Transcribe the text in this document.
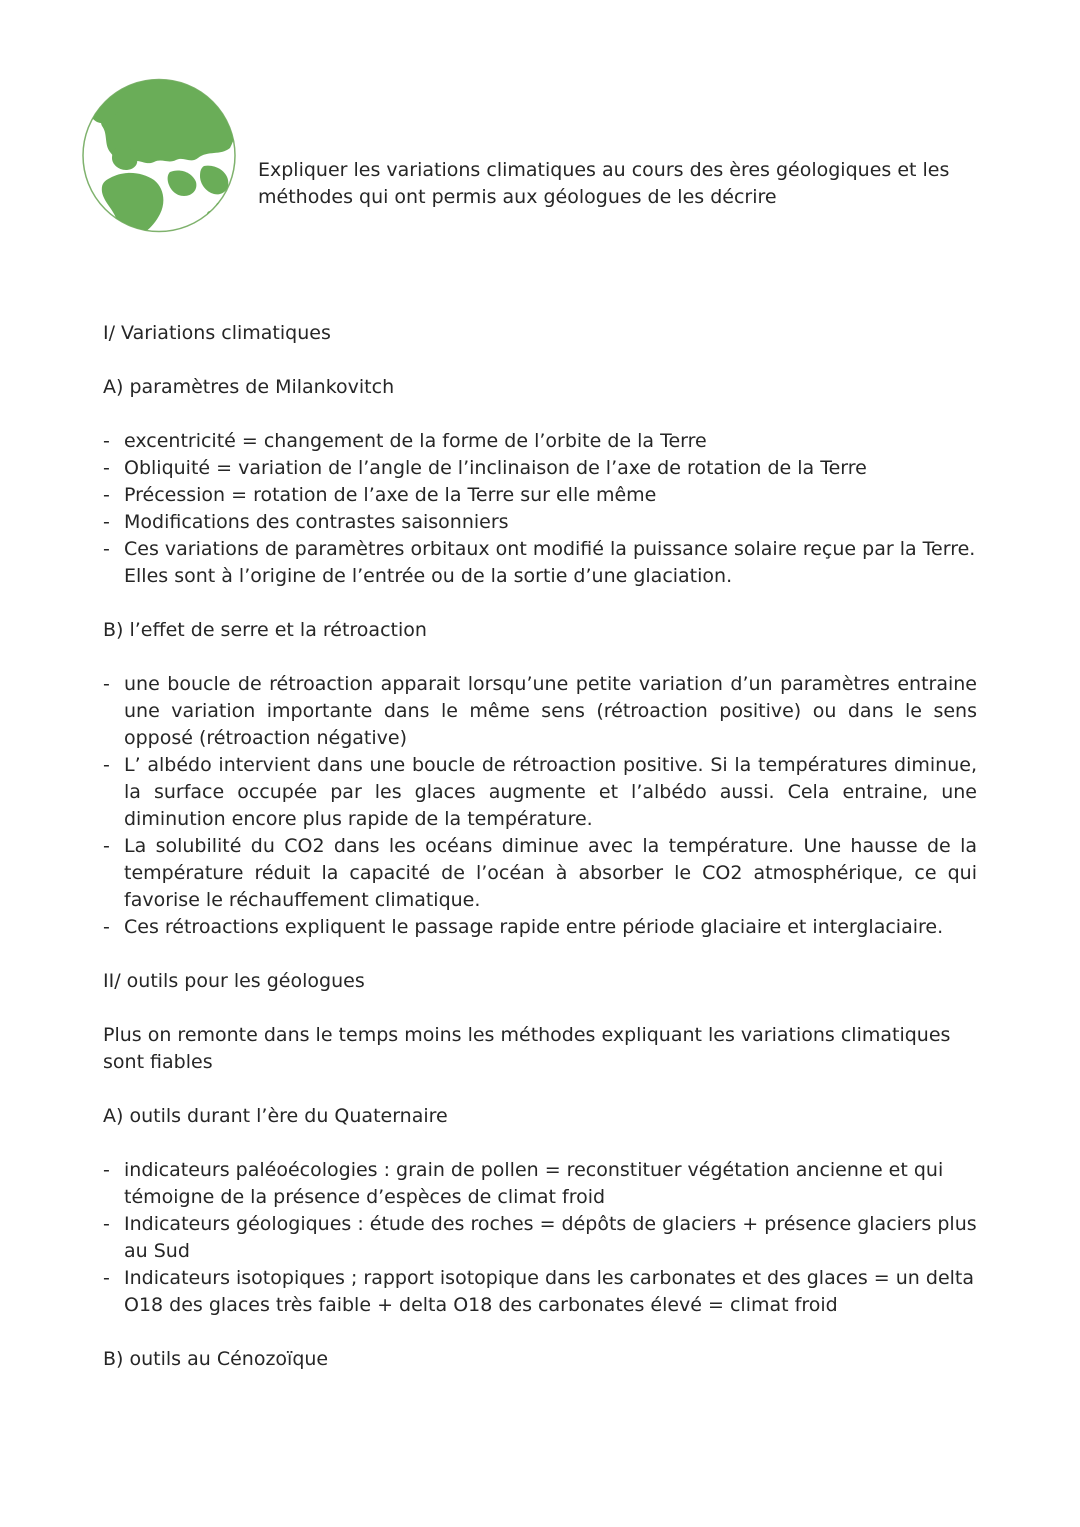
Expliquer les variations climatiques au cours des ères géologiques et les méthodes qui ont permis aux géologues de les décrire

I/ Variations climatiques

A) paramètres de Milankovitch

- excentricité = changement de la forme de l’orbite de la Terre
- Obliquité = variation de l’angle de l’inclinaison de l’axe de rotation de la Terre
- Précession = rotation de l’axe de la Terre sur elle même
- Modifications des contrastes saisonniers
- Ces variations de paramètres orbitaux ont modifié la puissance solaire reçue par la Terre. Elles sont à l’origine de l’entrée ou de la sortie d’une glaciation.

B) l’effet de serre et la rétroaction

- une boucle de rétroaction apparait lorsqu’une petite variation d’un paramètres entraine une variation importante dans le même sens (rétroaction positive) ou dans le sens opposé (rétroaction négative)
- L’ albédo intervient dans une boucle de rétroaction positive. Si la températures diminue, la surface occupée par les glaces augmente et l’albédo aussi. Cela entraine, une diminution encore plus rapide de la température.
- La solubilité du CO2 dans les océans diminue avec la température. Une hausse de la température réduit la capacité de l’océan à absorber le CO2 atmosphérique, ce qui favorise le réchauffement climatique.
- Ces rétroactions expliquent le passage rapide entre période glaciaire et interglaciaire.

II/ outils pour les géologues

Plus on remonte dans le temps moins les méthodes expliquant les variations climatiques sont fiables

A) outils durant l’ère du Quaternaire

- indicateurs paléoécologies : grain de pollen = reconstituer végétation ancienne et qui témoigne de la présence d’espèces de climat froid
- Indicateurs géologiques : étude des roches = dépôts de glaciers + présence glaciers plus au Sud
- Indicateurs isotopiques ; rapport isotopique dans les carbonates et des glaces = un delta O18 des glaces très faible + delta O18 des carbonates élevé = climat froid

B) outils au Cénozoïque
